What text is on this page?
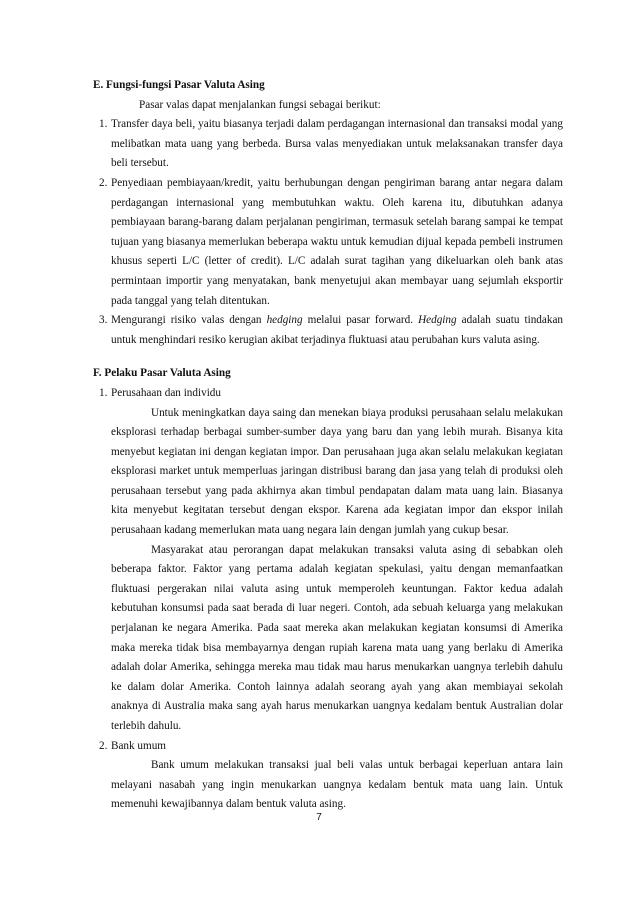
E. Fungsi-fungsi Pasar Valuta Asing

Pasar valas dapat menjalankan fungsi sebagai berikut:

1. Transfer daya beli, yaitu biasanya terjadi dalam perdagangan internasional dan transaksi modal yang melibatkan mata uang yang berbeda. Bursa valas menyediakan untuk melaksanakan transfer daya beli tersebut.

2. Penyediaan pembiayaan/kredit, yaitu berhubungan dengan pengiriman barang antar negara dalam perdagangan internasional yang membutuhkan waktu. Oleh karena itu, dibutuhkan adanya pembiayaan barang-barang dalam perjalanan pengiriman, termasuk setelah barang sampai ke tempat tujuan yang biasanya memerlukan beberapa waktu untuk kemudian dijual kepada pembeli instrumen khusus seperti L/C (letter of credit). L/C adalah surat tagihan yang dikeluarkan oleh bank atas permintaan importir yang menyatakan, bank menyetujui akan membayar uang sejumlah eksportir pada tanggal yang telah ditentukan.

3. Mengurangi risiko valas dengan hedging melalui pasar forward. Hedging adalah suatu tindakan untuk menghindari resiko kerugian akibat terjadinya fluktuasi atau perubahan kurs valuta asing.

F. Pelaku Pasar Valuta Asing

1. Perusahaan dan individu

Untuk meningkatkan daya saing dan menekan biaya produksi perusahaan selalu melakukan eksplorasi terhadap berbagai sumber-sumber daya yang baru dan yang lebih murah. Bisanya kita menyebut kegiatan ini dengan kegiatan impor. Dan perusahaan juga akan selalu melakukan kegiatan eksplorasi market untuk memperluas jaringan distribusi barang dan jasa yang telah di produksi oleh perusahaan tersebut yang pada akhirnya akan timbul pendapatan dalam mata uang lain. Biasanya kita menyebut kegitatan tersebut dengan ekspor. Karena ada kegiatan impor dan ekspor inilah perusahaan kadang memerlukan mata uang negara lain dengan jumlah yang cukup besar.

Masyarakat atau perorangan dapat melakukan transaksi valuta asing di sebabkan oleh beberapa faktor. Faktor yang pertama adalah kegiatan spekulasi, yaitu dengan memanfaatkan fluktuasi pergerakan nilai valuta asing untuk memperoleh keuntungan. Faktor kedua adalah kebutuhan konsumsi pada saat berada di luar negeri. Contoh, ada sebuah keluarga yang melakukan perjalanan ke negara Amerika. Pada saat mereka akan melakukan kegiatan konsumsi di Amerika maka mereka tidak bisa membayarnya dengan rupiah karena mata uang yang berlaku di Amerika adalah dolar Amerika, sehingga mereka mau tidak mau harus menukarkan uangnya terlebih dahulu ke dalam dolar Amerika. Contoh lainnya adalah seorang ayah yang akan membiayai sekolah anaknya di Australia maka sang ayah harus menukarkan uangnya kedalam bentuk Australian dolar terlebih dahulu.

2. Bank umum

Bank umum melakukan transaksi jual beli valas untuk berbagai keperluan antara lain melayani nasabah yang ingin menukarkan uangnya kedalam bentuk mata uang lain. Untuk memenuhi kewajibannya dalam bentuk valuta asing.

7
